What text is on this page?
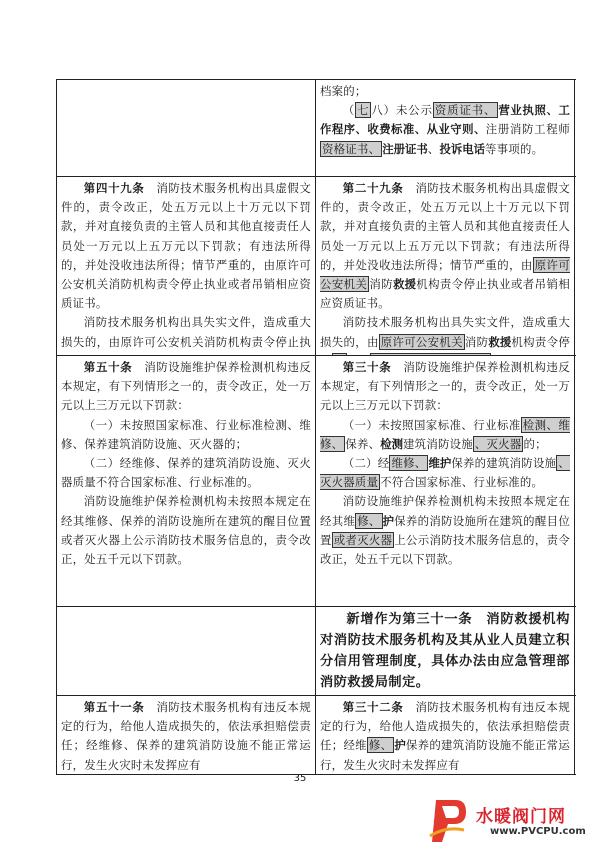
档案的；

（ 七 八）未公示 资质证书、 营业执照、工作程序、收费标准、从业守则、注册消防工程师资格证书、 注册证书、投诉电话等事项的。

第四十九条　消防技术服务机构出具虚假文件的，责令改正，处五万元以上十万元以下罚款，并对直接负责的主管人员和其他直接责任人员处一万元以上五万元以下罚款；有违法所得的，并处没收违法所得；情节严重的，由原许可公安机关消防机构责令停止执业或者吊销相应资质证书。

消防技术服务机构出具失实文件，造成重大损失的，由原许可公安机关消防机构责令停止执

第二十九条　消防技术服务机构出具虚假文件的，责令改正，处五万元以上十万元以下罚款，并对直接负责的主管人员和其他直接责任人员处一万元以上五万元以下罚款；有违法所得的，并处没收违法所得；情节严重的，由 原许可公安机关 消防救援机构责令停止执业或者吊销相应资质证书。

消防技术服务机构出具失实文件，造成重大损失的，由 原许可公安机关 消防救援机构责令停

第五十条　消防设施维护保养检测机构违反本规定，有下列情形之一的，责令改正，处一万元以上三万元以下罚款：

（一）未按照国家标准、行业标准检测、维修、保养建筑消防设施、灭火器的；

（二）经维修、保养的建筑消防设施、灭火器质量不符合国家标准、行业标准的。

消防设施维护保养检测机构未按照本规定在经其维修、保养的消防设施所在建筑的醒目位置或者灭火器上公示消防技术服务信息的，责令改正，处五千元以下罚款。

第三十条　消防设施维护保养检测机构违反本规定，有下列情形之一的，责令改正，处一万元以上三万元以下罚款：

（一）未按照国家标准、行业标准 检测、维修、 保养、检测建筑消防设施 、灭火器 的；

（二）经 维修、 维护保养的建筑消防设施 、灭火器质量 不符合国家标准、行业标准的。

消防设施维护保养检测机构未按照本规定在经其维 修、 护保养的消防设施所在建筑的醒目位置 或者灭火器 上公示消防技术服务信息的，责令改正，处五千元以下罚款。

新增作为第三十一条　消防救援机构对消防技术服务机构及其从业人员建立积分信用管理制度，具体办法由应急管理部消防救援局制定。

第五十一条　消防技术服务机构有违反本规定的行为，给他人造成损失的，依法承担赔偿责任；经维修、保养的建筑消防设施不能正常运行，发生火灾时未发挥应有

第三十二条　消防技术服务机构有违反本规定的行为，给他人造成损失的，依法承担赔偿责任；经维 修、 护保养的建筑消防设施不能正常运行，发生火灾时未发挥应有

35
水暖阀门网
www.PVCPU.com
